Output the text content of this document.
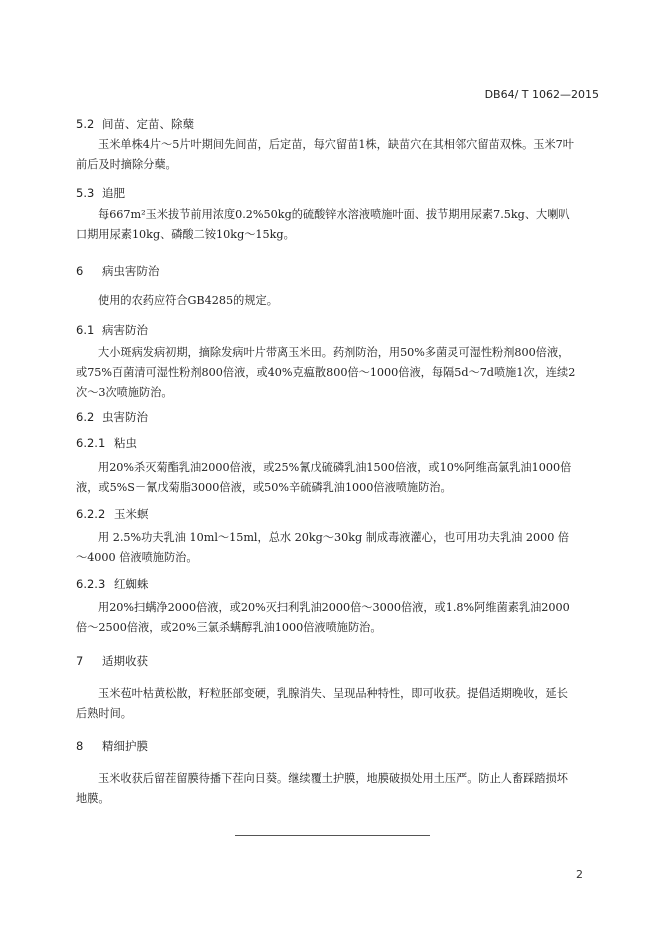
DB64/ T 1062—2015
5.2 间苗、定苗、除蘖
玉米单株4片～5片叶期间先间苗，后定苗，每穴留苗1株，缺苗穴在其相邻穴留苗双株。玉米7叶前后及时摘除分蘖。
5.3 追肥
每667m²玉米拔节前用浓度0.2%50kg的硫酸锌水溶液喷施叶面、拔节期用尿素7.5kg、大喇叭口期用尿素10kg、磷酸二铵10kg～15kg。
6 病虫害防治
使用的农药应符合GB4285的规定。
6.1 病害防治
大小斑病发病初期，摘除发病叶片带离玉米田。药剂防治，用50%多菌灵可湿性粉剂800倍液，或75%百菌清可湿性粉剂800倍液，或40%克瘟散800倍～1000倍液，每隔5d～7d喷施1次，连续2次～3次喷施防治。
6.2 虫害防治
6.2.1 粘虫
用20%杀灭菊酯乳油2000倍液，或25%氰戊硫磷乳油1500倍液，或10%阿维高氯乳油1000倍液，或5%S－氰戊菊脂3000倍液，或50%辛硫磷乳油1000倍液喷施防治。
6.2.2 玉米螟
用 2.5%功夫乳油 10ml～15ml，总水 20kg～30kg 制成毒液灌心，也可用功夫乳油 2000 倍～4000 倍液喷施防治。
6.2.3 红蜘蛛
用20%扫螨净2000倍液，或20%灭扫利乳油2000倍～3000倍液，或1.8%阿维菌素乳油2000倍～2500倍液，或20%三氯杀螨醇乳油1000倍液喷施防治。
7 适期收获
玉米苞叶枯黄松散，籽粒胚部变硬，乳腺消失、呈现品种特性，即可收获。提倡适期晚收，延长后熟时间。
8 精细护膜
玉米收获后留茬留膜待播下茬向日葵。继续覆土护膜，地膜破损处用土压严。防止人畜踩踏损坏地膜。
2
